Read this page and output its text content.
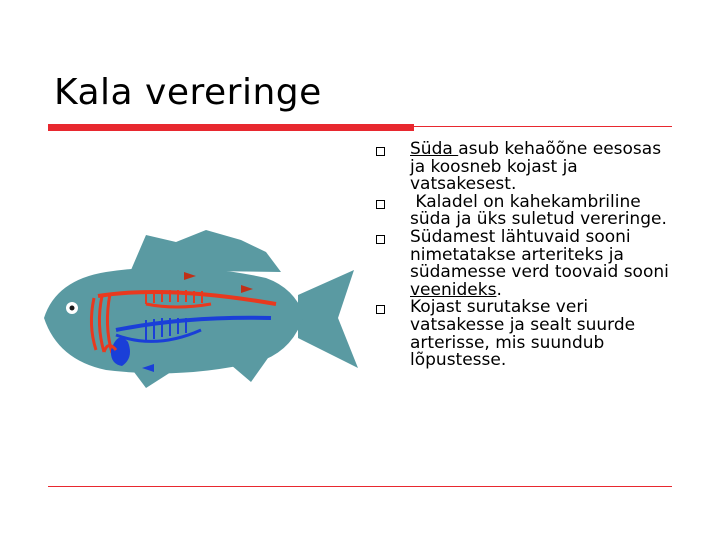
Kala vereringe
Süda asub kehaõõne eesosas ja koosneb kojast ja vatsakesest.
Kaladel on kahekambriline süda ja üks suletud vereringe.
Südamest lähtuvaid sooni nimetatakse arteriteks ja südamesse verd toovaid sooni veenideks.
Kojast surutakse veri vatsakesse ja sealt suurde arterisse, mis suundub lõpustesse.
